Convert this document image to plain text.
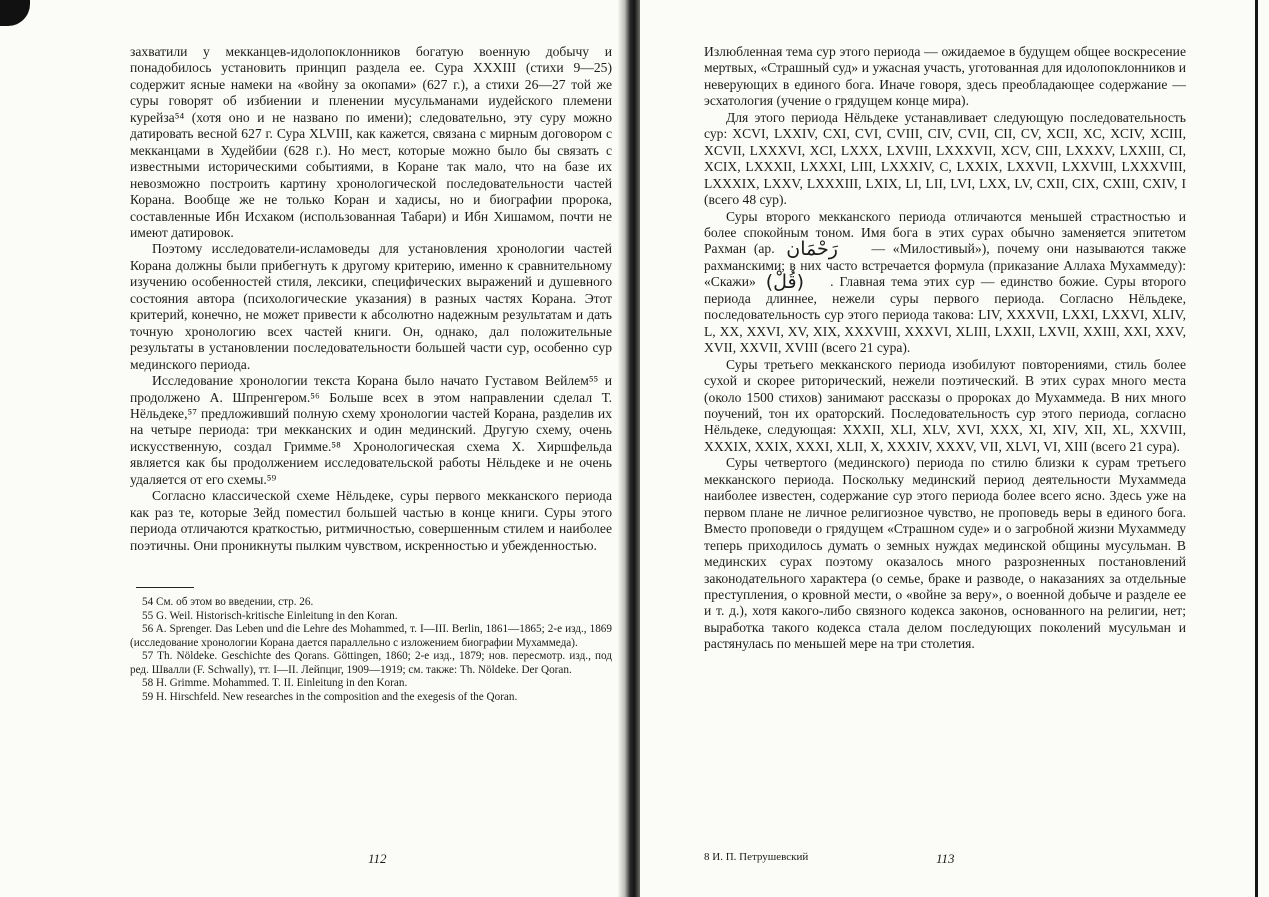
захватили у мекканцев-идолопоклонников богатую военную добычу и понадобилось установить принцип раздела ее. Сура XXXIII (стихи 9—25) содержит ясные намеки на «войну за окопами» (627 г.), а стихи 26—27 той же суры говорят об избиении и пленении мусульманами иудейского племени курейза⁵⁴ (хотя оно и не названо по имени); следовательно, эту суру можно датировать весной 627 г. Сура XLVIII, как кажется, связана с мирным договором с мекканцами в Худейбии (628 г.). Но мест, которые можно было бы связать с известными историческими событиями, в Коране так мало, что на базе их невозможно построить картину хронологической последовательности частей Корана. Вообще же не только Коран и хадисы, но и биографии пророка, составленные Ибн Исхаком (использованная Табари) и Ибн Хишамом, почти не имеют датировок.

Поэтому исследователи-исламоведы для установления хронологии частей Корана должны были прибегнуть к другому критерию, именно к сравнительному изучению особенностей стиля, лексики, специфических выражений и душевного состояния автора (психологические указания) в разных частях Корана. Этот критерий, конечно, не может привести к абсолютно надежным результатам и дать точную хронологию всех частей книги. Он, однако, дал положительные результаты в установлении последовательности большей части сур, особенно сур мединского периода.

Исследование хронологии текста Корана было начато Густавом Вейлем⁵⁵ и продолжено А. Шпренгером.⁵⁶ Больше всех в этом направлении сделал Т. Нёльдеке,⁵⁷ предложивший полную схему хронологии частей Корана, разделив их на четыре периода: три мекканских и один мединский. Другую схему, очень искусственную, создал Гримме.⁵⁸ Хронологическая схема Х. Хиршфельда является как бы продолжением исследовательской работы Нёльдеке и не очень удаляется от его схемы.⁵⁹

Согласно классической схеме Нёльдеке, суры первого мекканского периода как раз те, которые Зейд поместил большей частью в конце книги. Суры этого периода отличаются краткостью, ритмичностью, совершенным стилем и наиболее поэтичны. Они проникнуты пылким чувством, искренностью и убежденностью.

54 См. об этом во введении, стр. 26.

55 G. Weil. Historisch-kritische Einleitung in den Koran.

56 A. Sprenger. Das Leben und die Lehre des Mohammed, т. I—III. Berlin, 1861—1865; 2-е изд., 1869 (исследование хронологии Корана дается параллельно с изложением биографии Мухаммеда).

57 Th. Nöldeke. Geschichte des Qorans. Göttingen, 1860; 2-е изд., 1879; нов. пересмотр. изд., под ред. Швалли (F. Schwally), тт. I—II. Лейпциг, 1909—1919; см. также: Th. Nöldeke. Der Qoran.

58 H. Grimme. Mohammed. T. II. Einleitung in den Koran.

59 H. Hirschfeld. New researches in the composition and the exegesis of the Qoran.

112

Излюбленная тема сур этого периода — ожидаемое в будущем общее воскресение мертвых, «Страшный суд» и ужасная участь, уготованная для идолопоклонников и неверующих в единого бога. Иначе говоря, здесь преобладающее содержание — эсхатология (учение о грядущем конце мира).

Для этого периода Нёльдеке устанавливает следующую последовательность сур: XCVI, LXXIV, CXI, CVI, CVIII, CIV, CVII, CII, CV, XCII, XC, XCIV, XCIII, XCVII, LXXXVI, XCI, LXXX, LXVIII, LXXXVII, XCV, CIII, LXXXV, LXXIII, CI, XCIX, LXXXII, LXXXI, LIII, LXXXIV, C, LXXIX, LXXVII, LXXVIII, LXXXVIII, LXXXIX, LXXV, LXXXIII, LXIX, LI, LII, LVI, LXX, LV, CXII, CIX, CXIII, CXIV, I (всего 48 сур).

Суры второго мекканского периода отличаются меньшей страстностью и более спокойным тоном. Имя бога в этих сурах обычно заменяется эпитетом Рахман (ар. رَحْمَان — «Милостивый»), почему они называются также рахманскими; в них часто встречается формула (приказание Аллаха Мухаммеду): «Скажи» (قُلْ)	. Главная тема этих сур — единство божие. Суры второго периода длиннее, нежели суры первого периода. Согласно Нёльдеке, последовательность сур этого периода такова: LIV, XXXVII, LXXI, LXXVI, XLIV, L, XX, XXVI, XV, XIX, XXXVIII, XXXVI, XLIII, LXXII, LXVII, XXIII, XXI, XXV, XVII, XXVII, XVIII (всего 21 сура).

Суры третьего мекканского периода изобилуют повторениями, стиль более сухой и скорее риторический, нежели поэтический. В этих сурах много места (около 1500 стихов) занимают рассказы о пророках до Мухаммеда. В них много поучений, тон их ораторский. Последовательность сур этого периода, согласно Нёльдеке, следующая: XXXII, XLI, XLV, XVI, XXX, XI, XIV, XII, XL, XXVIII, XXXIX, XXIX, XXXI, XLII, X, XXXIV, XXXV, VII, XLVI, VI, XIII (всего 21 сура).

Суры четвертого (мединского) периода по стилю близки к сурам третьего мекканского периода. Поскольку мединский период деятельности Мухаммеда наиболее известен, содержание сур этого периода более всего ясно. Здесь уже на первом плане не личное религиозное чувство, не проповедь веры в единого бога. Вместо проповеди о грядущем «Страшном суде» и о загробной жизни Мухаммеду теперь приходилось думать о земных нуждах мединской общины мусульман. В мединских сурах поэтому оказалось много разрозненных постановлений законодательного характера (о семье, браке и разводе, о наказаниях за отдельные преступления, о кровной мести, о «войне за веру», о военной добыче и разделе ее и т. д.), хотя какого-либо связного кодекса законов, основанного на религии, нет; выработка такого кодекса стала делом последующих поколений мусульман и растянулась по меньшей мере на три столетия.

8 И. П. Петрушевский	113
